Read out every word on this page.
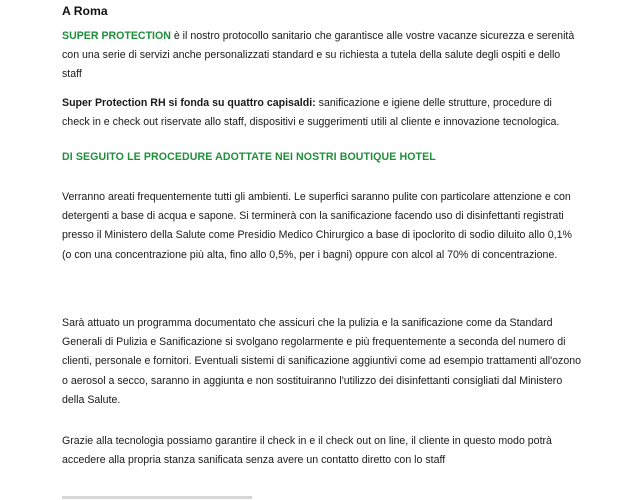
A Roma

SUPER PROTECTION è il nostro protocollo sanitario che garantisce alle vostre vacanze sicurezza e serenità con una serie di servizi anche personalizzati standard e su richiesta a tutela della salute degli ospiti e dello staff

Super Protection RH si fonda su quattro capisaldi: sanificazione e igiene delle strutture, procedure di check in e check out riservate allo staff, dispositivi e suggerimenti utili al cliente e innovazione tecnologica.

DI SEGUITO LE PROCEDURE ADOTTATE NEI NOSTRI BOUTIQUE HOTEL

Verranno areati frequentemente tutti gli ambienti. Le superfici saranno pulite con particolare attenzione e con detergenti a base di acqua e sapone. Si terminerà con la sanificazione facendo uso di disinfettanti registrati presso il Ministero della Salute come Presidio Medico Chirurgico a base di ipoclorito di sodio diluito allo 0,1% (o con una concentrazione più alta, fino allo 0,5%, per i bagni) oppure con alcol al 70% di concentrazione.

Sarà attuato un programma documentato che assicuri che la pulizia e la sanificazione come da Standard Generali di Pulizia e Sanificazione si svolgano regolarmente e più frequentemente a seconda del numero di clienti, personale e fornitori. Eventuali sistemi di sanificazione aggiuntivi come ad esempio trattamenti all'ozono o aerosol a secco, saranno in aggiunta e non sostituiranno l'utilizzo dei disinfettanti consigliati dal Ministero della Salute.

Grazie alla tecnologia possiamo garantire il check in e il check out on line, il cliente in questo modo potrà accedere alla propria stanza sanificata senza avere un contatto diretto con lo staff
